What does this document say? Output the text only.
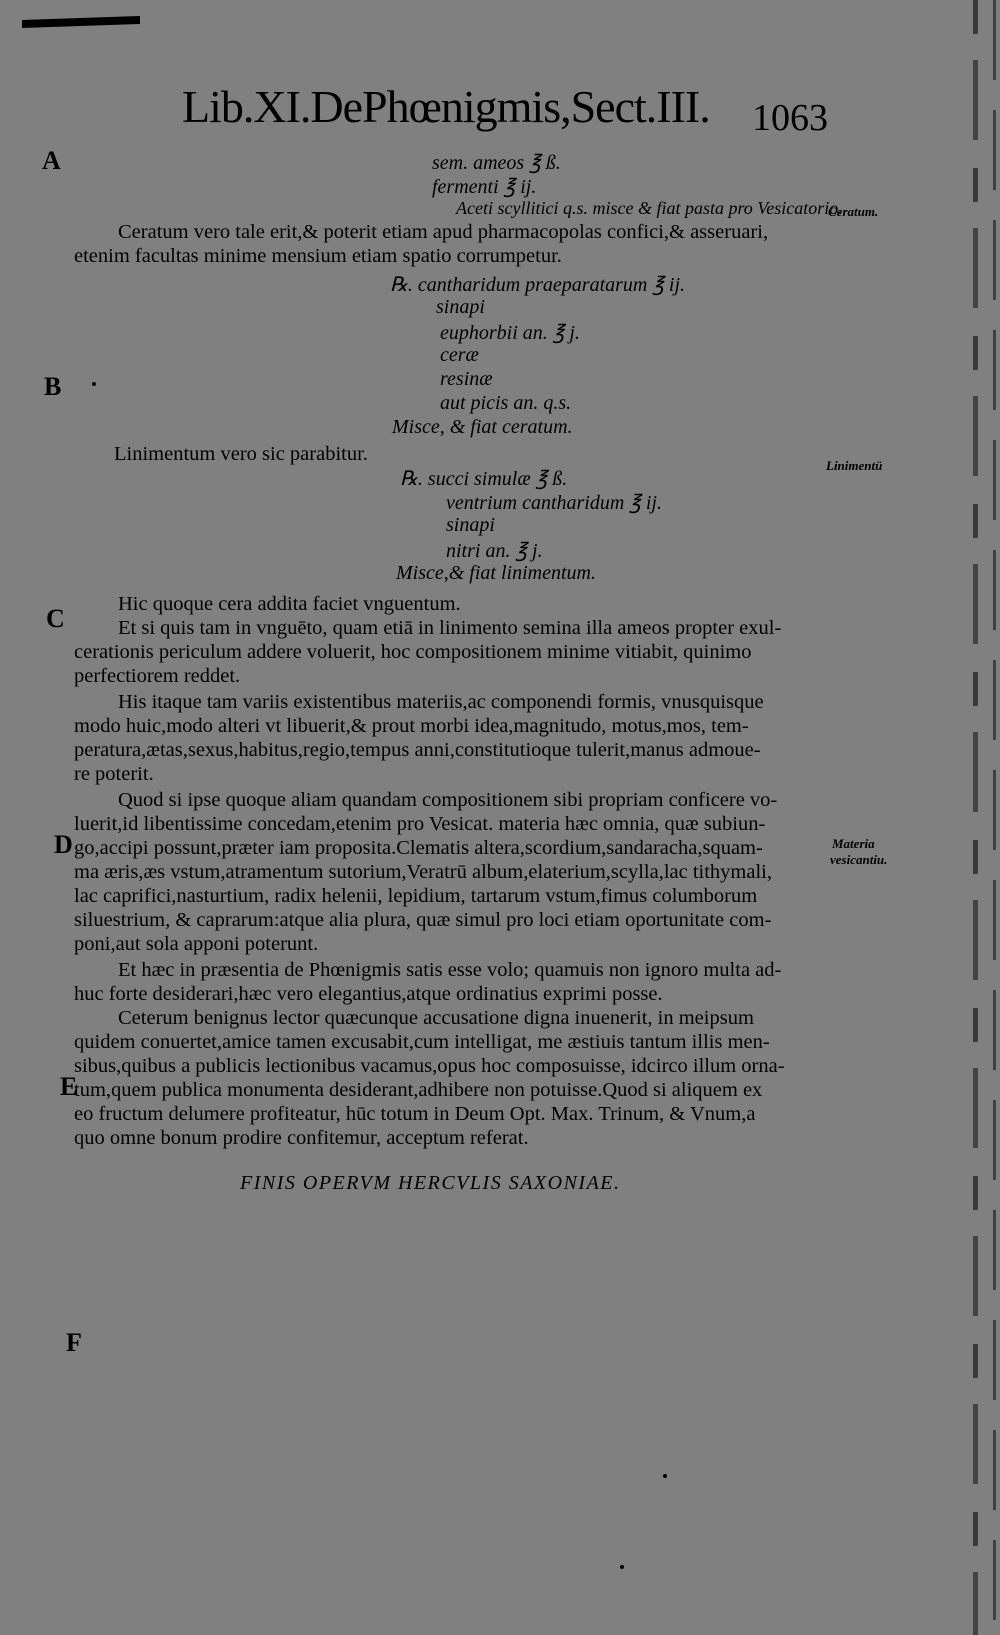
Lib.XI.DePhœnigmis,Sect.III. 1063
A
B
C
D
E
F
Ceratum.
Linimentü
Materia
vesicantiu.
sem. ameos ℥ ß.
fermenti ℥ ij.
Aceti scyllitici q.s. misce & fiat pasta pro Vesicatorio.
Ceratum vero tale erit,& poterit etiam apud pharmacopolas confici,& asseruari,
etenim facultas minime mensium etiam spatio corrumpetur.
℞. cantharidum praeparatarum ℥ ij.
sinapi
euphorbii an. ℥ j.
ceræ
resinæ
aut picis an. q.s.
Misce, & fiat ceratum.
Linimentum vero sic parabitur.
℞. succi simulæ ℥ ß.
ventrium cantharidum ℥ ij.
sinapi
nitri an. ℥ j.
Misce,& fiat linimentum.
Hic quoque cera addita faciet vnguentum.
Et si quis tam in vnguēto, quam etiā in linimento semina illa ameos propter exul-
cerationis periculum addere voluerit, hoc compositionem minime vitiabit, quinimo
perfectiorem reddet.
His itaque tam variis existentibus materiis,ac componendi formis, vnusquisque
modo huic,modo alteri vt libuerit,& prout morbi idea,magnitudo, motus,mos, tem-
peratura,ætas,sexus,habitus,regio,tempus anni,constitutioque tulerit,manus admoue-
re poterit.
Quod si ipse quoque aliam quandam compositionem sibi propriam conficere vo-
luerit,id libentissime concedam,etenim pro Vesicat. materia hæc omnia, quæ subiun-
go,accipi possunt,præter iam proposita.Clematis altera,scordium,sandaracha,squam-
ma æris,æs vstum,atramentum sutorium,Veratrū album,elaterium,scylla,lac tithymali,
lac caprifici,nasturtium, radix helenii, lepidium, tartarum vstum,fimus columborum
siluestrium, & caprarum:atque alia plura, quæ simul pro loci etiam oportunitate com-
poni,aut sola apponi poterunt.
Et hæc in præsentia de Phœnigmis satis esse volo; quamuis non ignoro multa ad-
huc forte desiderari,hæc vero elegantius,atque ordinatius exprimi posse.
Ceterum benignus lector quæcunque accusatione digna inuenerit, in meipsum
quidem conuertet,amice tamen excusabit,cum intelligat, me æstiuis tantum illis men-
sibus,quibus a publicis lectionibus vacamus,opus hoc composuisse, idcirco illum orna-
tum,quem publica monumenta desiderant,adhibere non potuisse.Quod si aliquem ex
eo fructum delumere profiteatur, hūc totum in Deum Opt. Max. Trinum, & Vnum,a
quo omne bonum prodire confitemur, acceptum referat.
FINIS OPERVM HERCVLIS SAXONIAE.
